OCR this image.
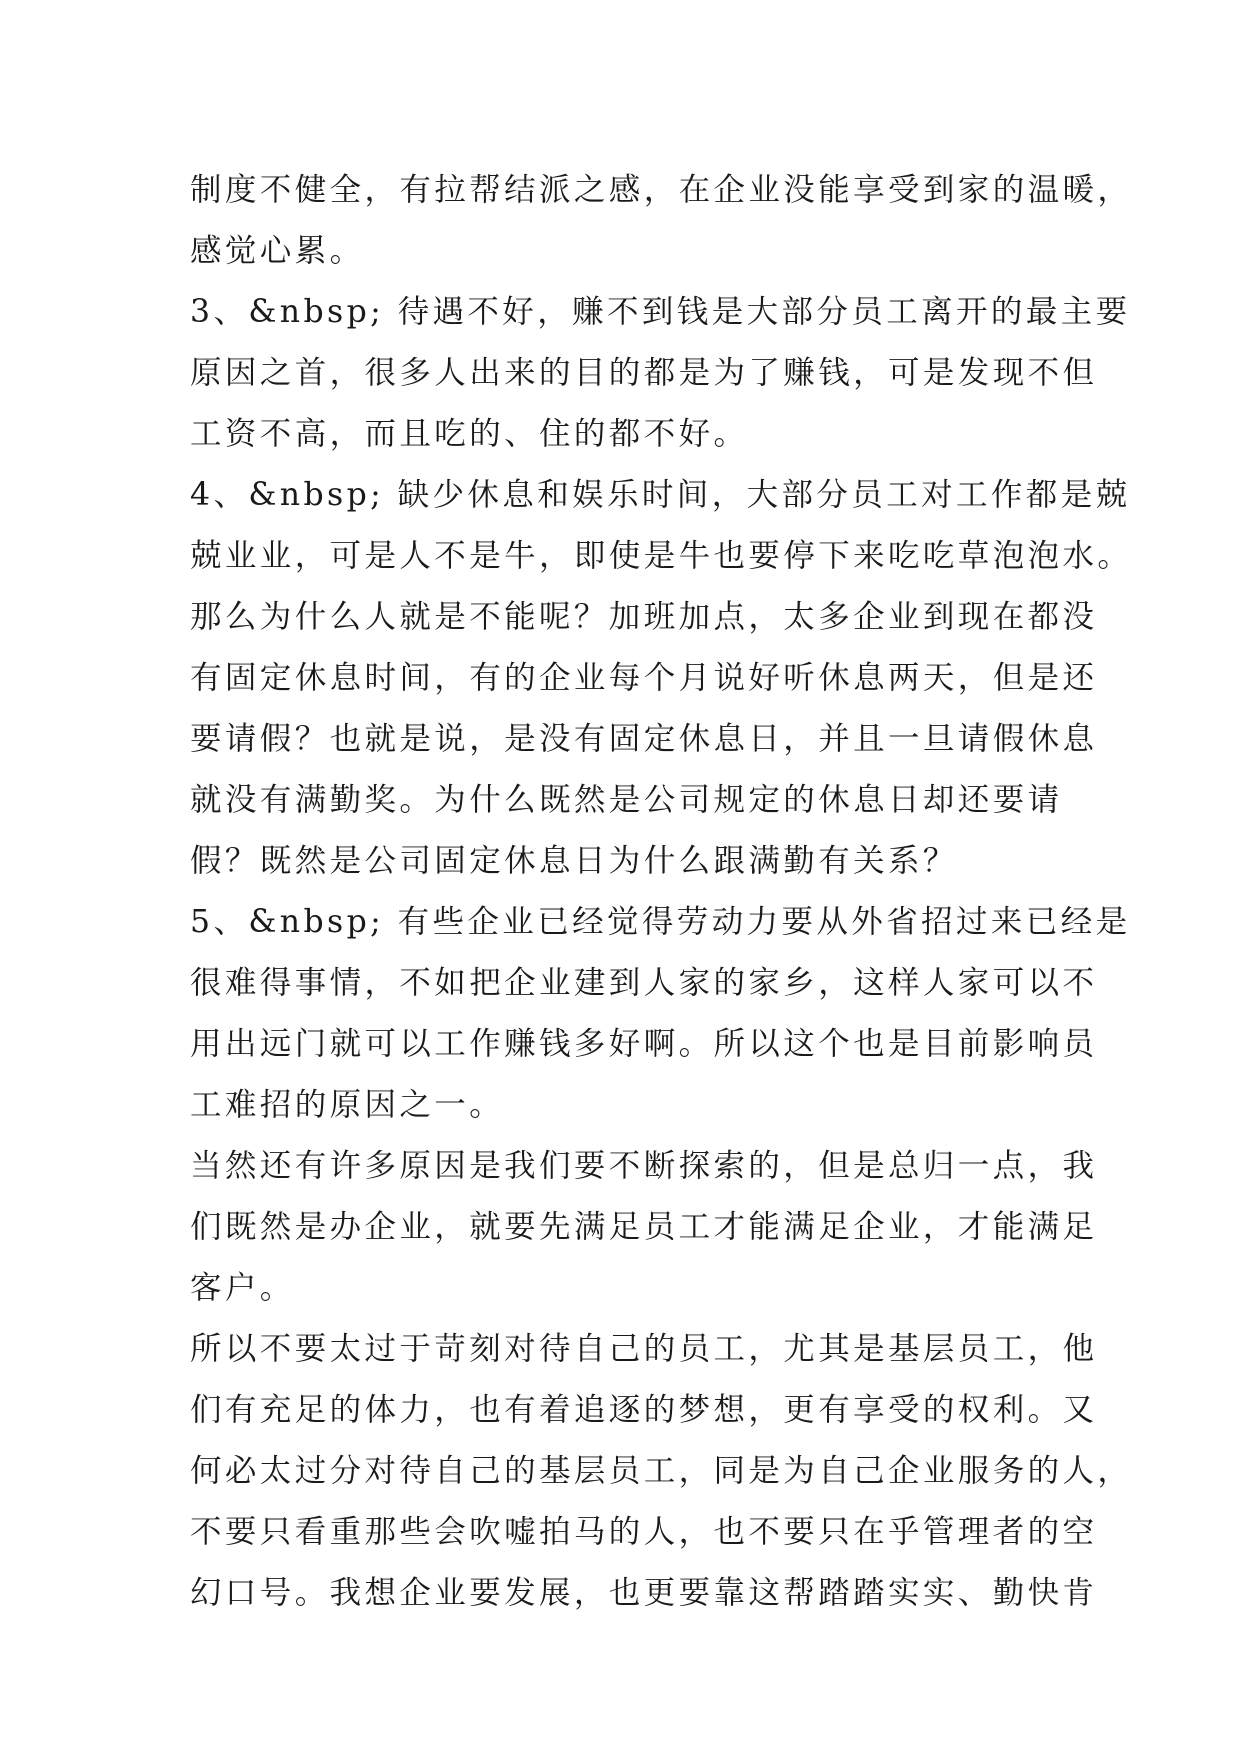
制度不健全，有拉帮结派之感，在企业没能享受到家的温暖，
感觉心累。
3、&nbsp; 待遇不好，赚不到钱是大部分员工离开的最主要
原因之首，很多人出来的目的都是为了赚钱，可是发现不但
工资不高，而且吃的、住的都不好。
4、&nbsp; 缺少休息和娱乐时间，大部分员工对工作都是兢
兢业业，可是人不是牛，即使是牛也要停下来吃吃草泡泡水。
那么为什么人就是不能呢？加班加点，太多企业到现在都没
有固定休息时间，有的企业每个月说好听休息两天，但是还
要请假？也就是说，是没有固定休息日，并且一旦请假休息
就没有满勤奖。为什么既然是公司规定的休息日却还要请
假？既然是公司固定休息日为什么跟满勤有关系？
5、&nbsp; 有些企业已经觉得劳动力要从外省招过来已经是
很难得事情，不如把企业建到人家的家乡，这样人家可以不
用出远门就可以工作赚钱多好啊。所以这个也是目前影响员
工难招的原因之一。
当然还有许多原因是我们要不断探索的，但是总归一点，我
们既然是办企业，就要先满足员工才能满足企业，才能满足
客户。
所以不要太过于苛刻对待自己的员工，尤其是基层员工，他
们有充足的体力，也有着追逐的梦想，更有享受的权利。又
何必太过分对待自己的基层员工，同是为自己企业服务的人，
不要只看重那些会吹嘘拍马的人，也不要只在乎管理者的空
幻口号。我想企业要发展，也更要靠这帮踏踏实实、勤快肯
